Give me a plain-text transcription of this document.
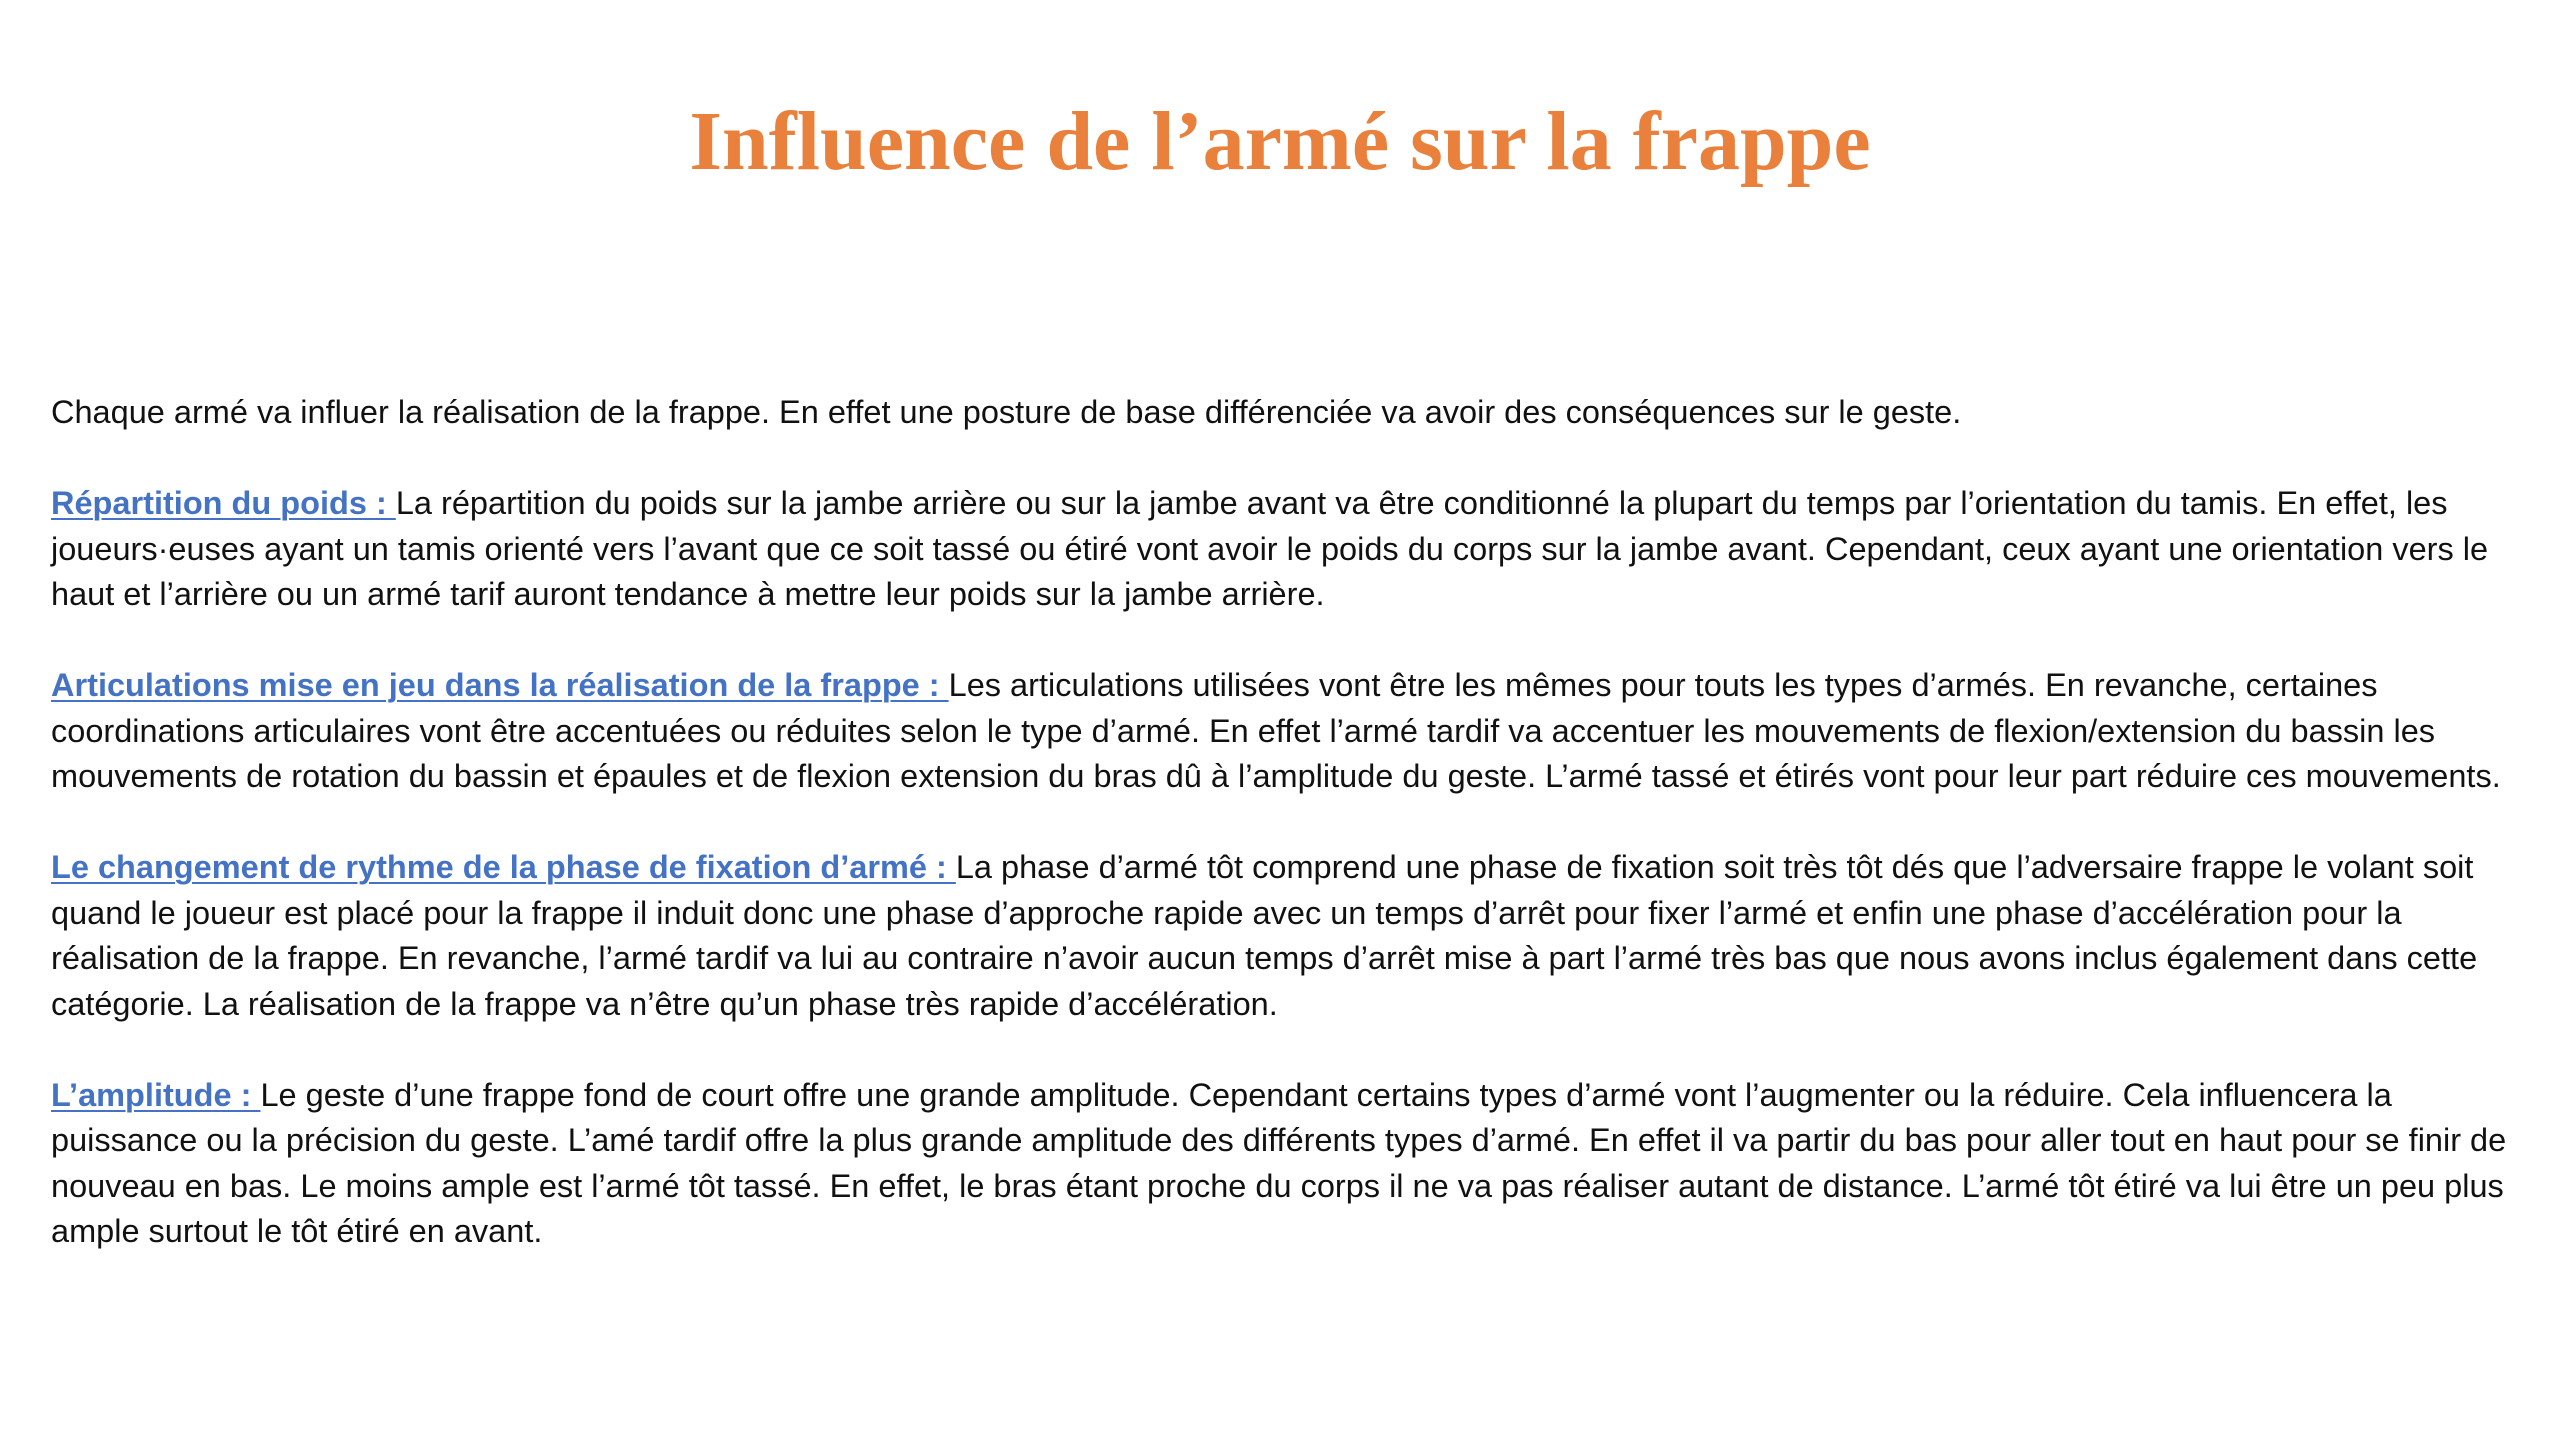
Influence de l’armé sur la frappe

Chaque armé va influer la réalisation de la frappe. En effet une posture de base différenciée va avoir des conséquences sur le geste.

Répartition du poids : La répartition du poids sur la jambe arrière ou sur la jambe avant va être conditionné la plupart du temps par l’orientation du tamis. En effet, les joueurs·euses ayant un tamis orienté vers l’avant que ce soit tassé ou étiré vont avoir le poids du corps sur la jambe avant. Cependant, ceux ayant une orientation vers le haut et l’arrière ou un armé tarif auront tendance à mettre leur poids sur la jambe arrière.

Articulations mise en jeu dans la réalisation de la frappe : Les articulations utilisées vont être les mêmes pour touts les types d’armés. En revanche, certaines coordinations articulaires vont être accentuées ou réduites selon le type d’armé. En effet l’armé tardif va accentuer les mouvements de flexion/extension du bassin les mouvements de rotation du bassin et épaules et de flexion extension du bras dû à l’amplitude du geste. L’armé tassé et étirés vont pour leur part réduire ces mouvements.

Le changement de rythme de la phase de fixation d’armé : La phase d’armé tôt comprend une phase de fixation soit très tôt dés que l’adversaire frappe le volant soit quand le joueur est placé pour la frappe il induit donc une phase d’approche rapide avec un temps d’arrêt pour fixer l’armé et enfin une phase d’accélération pour la réalisation de la frappe. En revanche, l’armé tardif va lui au contraire n’avoir aucun temps d’arrêt mise à part l’armé très bas que nous avons inclus également dans cette catégorie. La réalisation de la frappe va n’être qu’un phase très rapide d’accélération.

L’amplitude : Le geste d’une frappe fond de court offre une grande amplitude. Cependant certains types d’armé vont l’augmenter ou la réduire. Cela influencera la puissance ou la précision du geste. L’amé tardif offre la plus grande amplitude des différents types d’armé. En effet il va partir du bas pour aller tout en haut pour se finir de nouveau en bas. Le moins ample est l’armé tôt tassé. En effet, le bras étant proche du corps il ne va pas réaliser autant de distance. L’armé tôt étiré va lui être un peu plus ample surtout le tôt étiré en avant.
